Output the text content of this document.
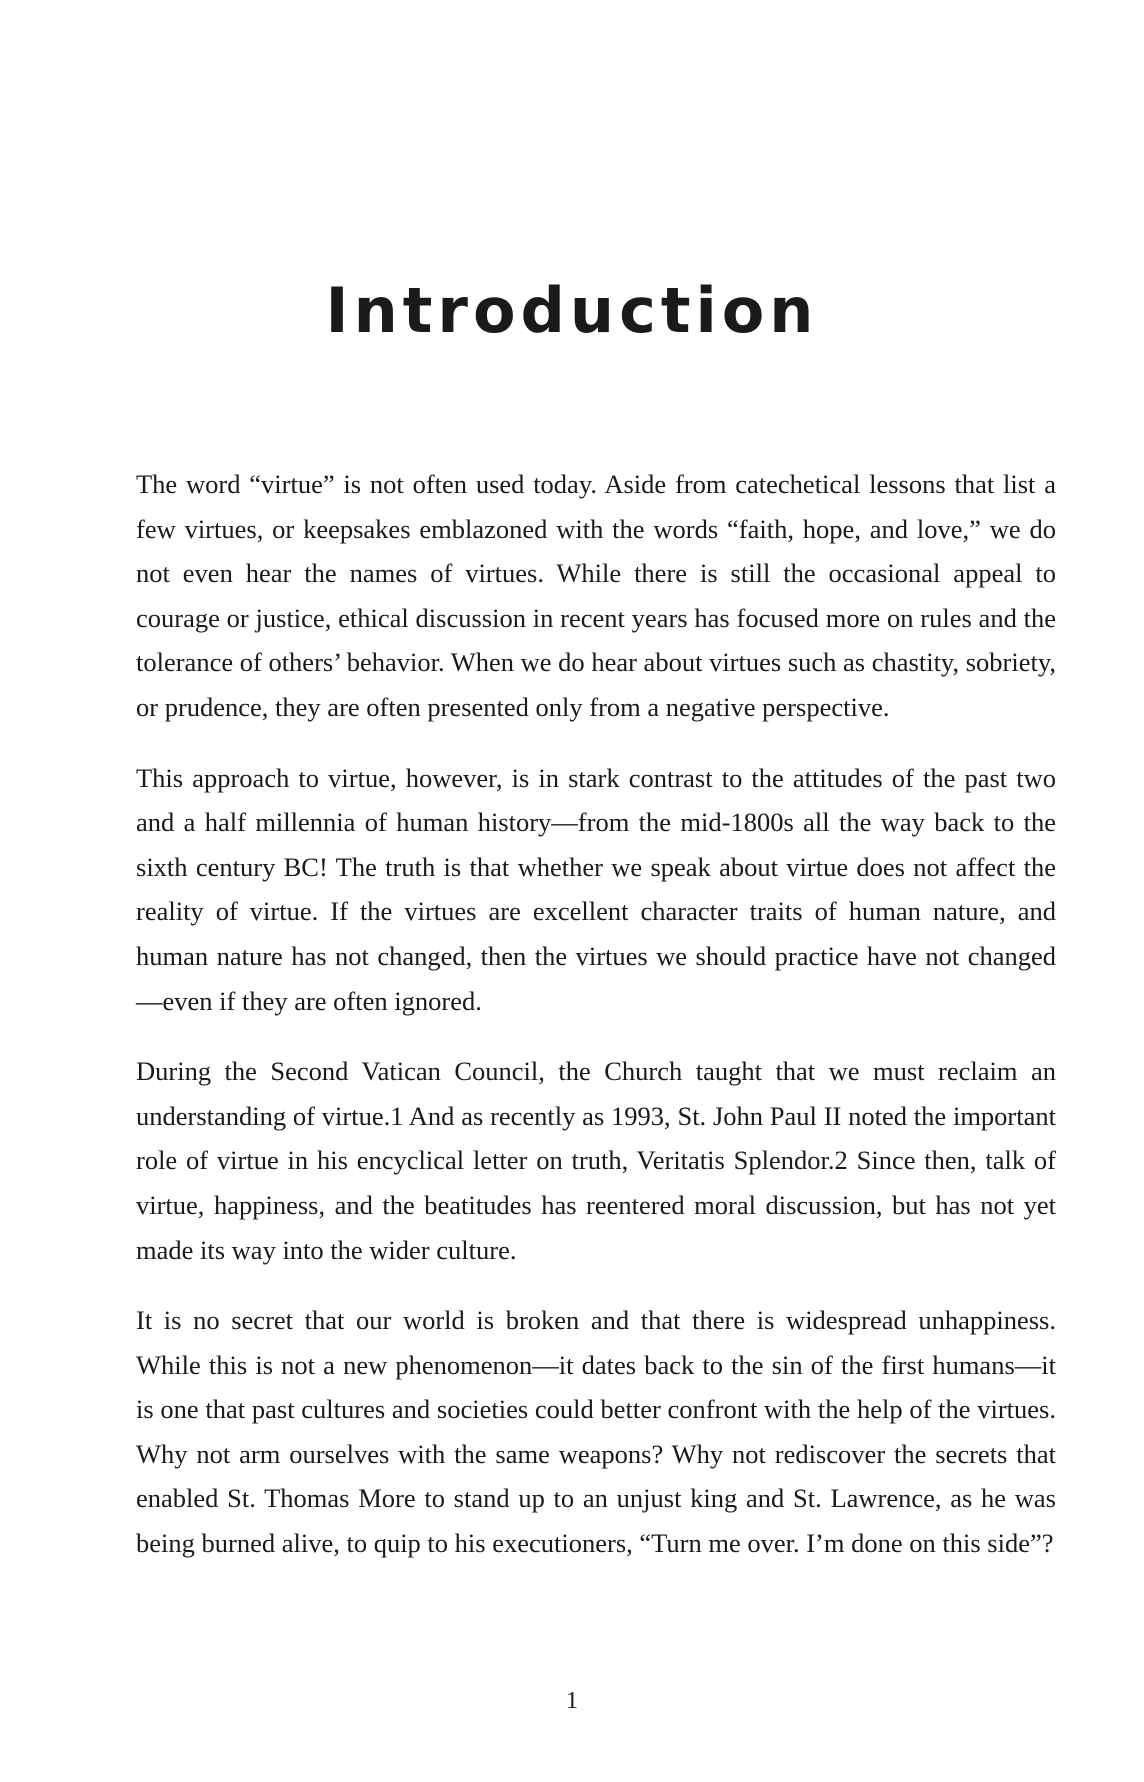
Introduction

The word “virtue” is not often used today. Aside from catechetical lessons that list a few virtues, or keepsakes emblazoned with the words “faith, hope, and love,” we do not even hear the names of virtues. While there is still the occasional appeal to courage or justice, ethical discussion in recent years has focused more on rules and the tolerance of others’ behavior. When we do hear about virtues such as chastity, sobriety, or prudence, they are often presented only from a negative perspective.

This approach to virtue, however, is in stark contrast to the attitudes of the past two and a half millennia of human history—from the mid-1800s all the way back to the sixth century BC! The truth is that whether we speak about virtue does not affect the reality of virtue. If the virtues are excellent character traits of human nature, and human nature has not changed, then the virtues we should practice have not changed—even if they are often ignored.

During the Second Vatican Council, the Church taught that we must reclaim an understanding of virtue.1 And as recently as 1993, St. John Paul II noted the important role of virtue in his encyclical letter on truth, Veritatis Splendor.2 Since then, talk of virtue, happiness, and the beatitudes has reentered moral discussion, but has not yet made its way into the wider culture.

It is no secret that our world is broken and that there is widespread unhappiness. While this is not a new phenomenon—it dates back to the sin of the first humans—it is one that past cultures and societies could better confront with the help of the virtues. Why not arm ourselves with the same weapons? Why not rediscover the secrets that enabled St. Thomas More to stand up to an unjust king and St. Lawrence, as he was being burned alive, to quip to his executioners, “Turn me over. I’m done on this side”?

1
